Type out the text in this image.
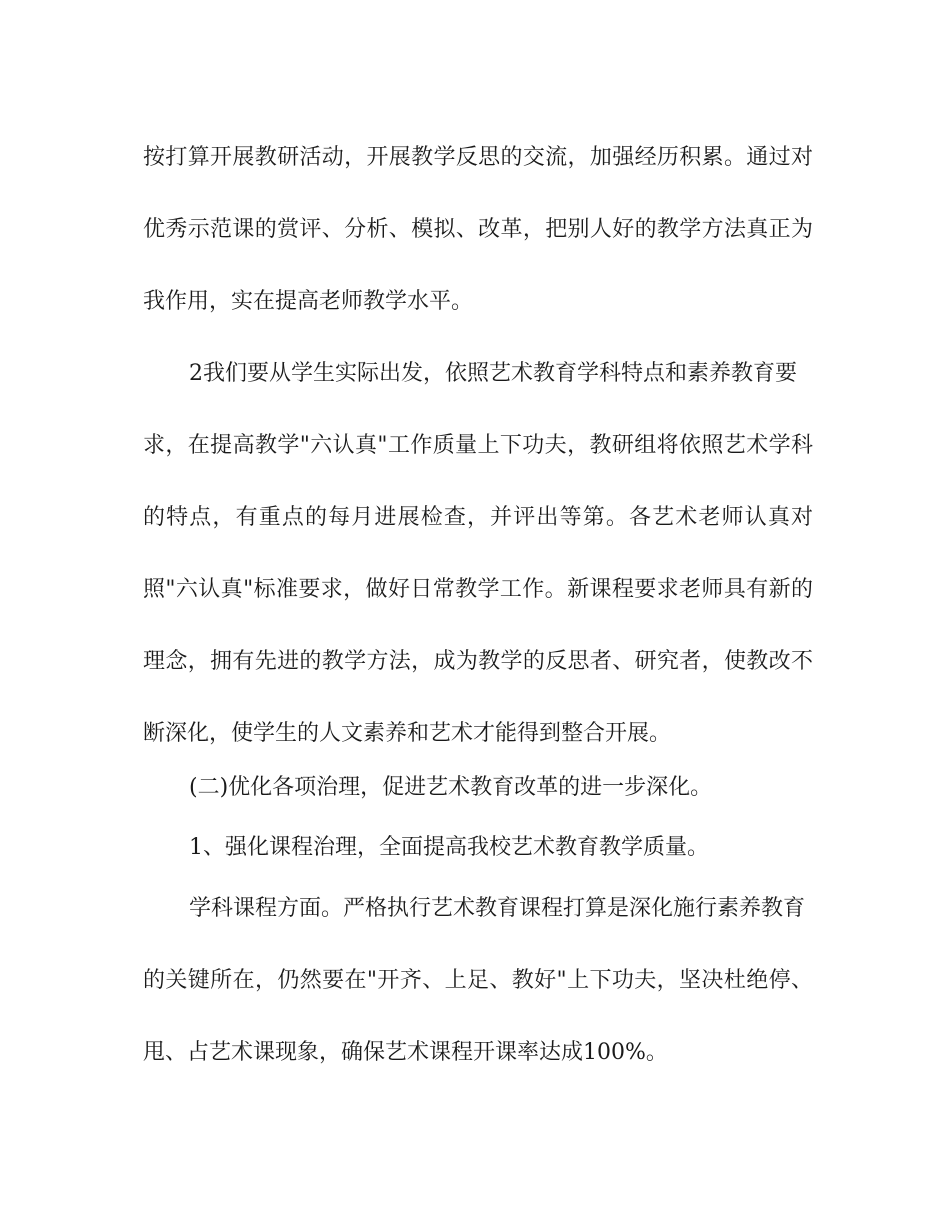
按打算开展教研活动，开展教学反思的交流，加强经历积累。通过对
优秀示范课的赏评、分析、模拟、改革，把别人好的教学方法真正为
我作用，实在提高老师教学水平。
2我们要从学生实际出发，依照艺术教育学科特点和素养教育要
求，在提高教学"六认真"工作质量上下功夫，教研组将依照艺术学科
的特点，有重点的每月进展检查，并评出等第。各艺术老师认真对
照"六认真"标准要求，做好日常教学工作。新课程要求老师具有新的
理念，拥有先进的教学方法，成为教学的反思者、研究者，使教改不
断深化，使学生的人文素养和艺术才能得到整合开展。
(二)优化各项治理，促进艺术教育改革的进一步深化。
1、强化课程治理，全面提高我校艺术教育教学质量。
学科课程方面。严格执行艺术教育课程打算是深化施行素养教育
的关键所在，仍然要在"开齐、上足、教好"上下功夫，坚决杜绝停、
甩、占艺术课现象，确保艺术课程开课率达成100%。
